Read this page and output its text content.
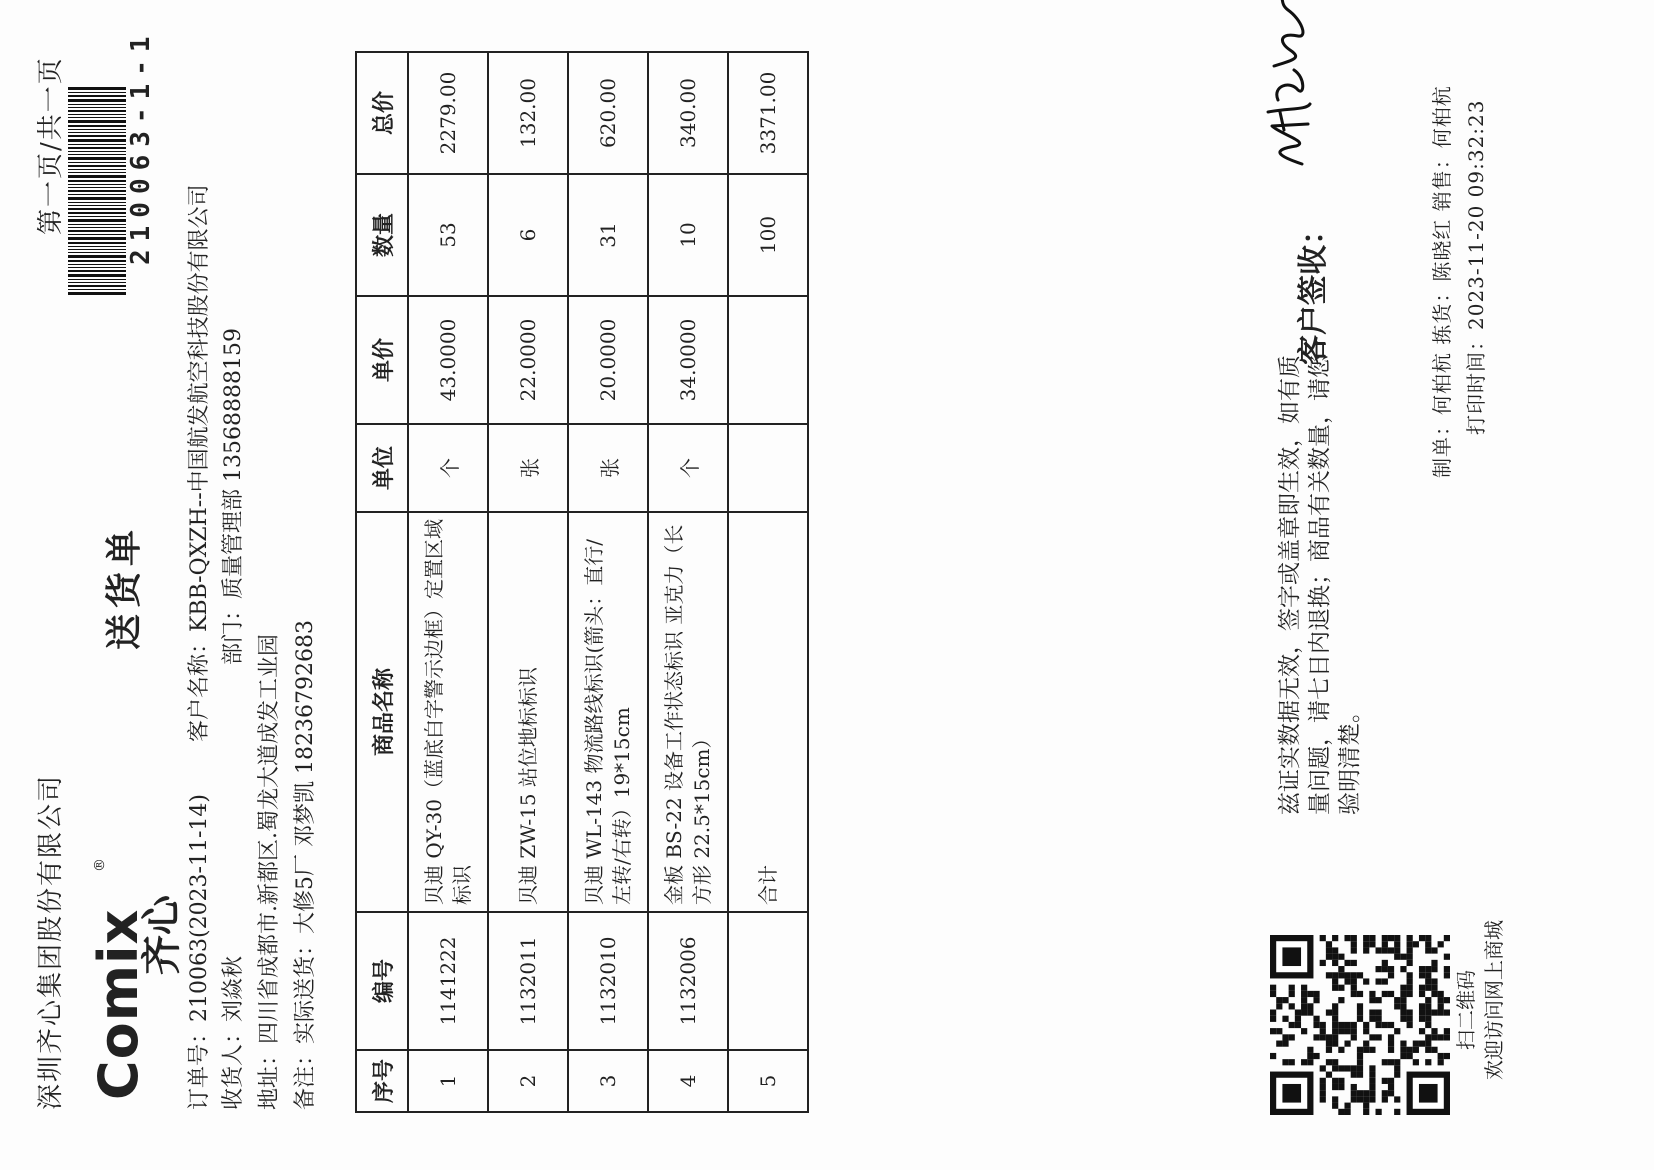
深圳齐心集团股份有限公司
第一页/共一页 210063-1-1
Comix
®
齐心
送货单
订单号：210063(2023-11-14)
客户名称：KBB-QXZH--中国航发航空科技股份有限公司
收货人：刘焱秋
部门：质量管理部 13568888159
地址：四川省成都市.新都区.蜀龙大道成发工业园 备注：实际送货：大修5厂 邓梦凯 18236792683 序号	编号	商品名称	单位	单价	数量	总价
1	1141222	贝迪 QY-30（蓝底白字警示边框）定置区域标识	个	43.0000	53	2279.00
2	1132011	贝迪 ZW-15 站位地标标识	张	22.0000	6	132.00
3	1132010	贝迪 WL-143 物流路线标识(箭头：直行/左转/右转）19*15cm	张	20.0000	31	620.00
4	1132006	金板 BS-22 设备工作状态标识 亚克力（长方形 22.5*15cm）	个	34.0000	10	340.00
5		合计			100	3371.00
扫二维码 欢迎访问网上商城
兹证实数据无效，签字或盖章即生效，如有质量问题，请七日内退换；商品有关数量，请您验明清楚。
客户签收：	制单：何柏杭 拣货：陈晓红 销售：何柏杭 打印时间：2023-11-20 09:32:23
